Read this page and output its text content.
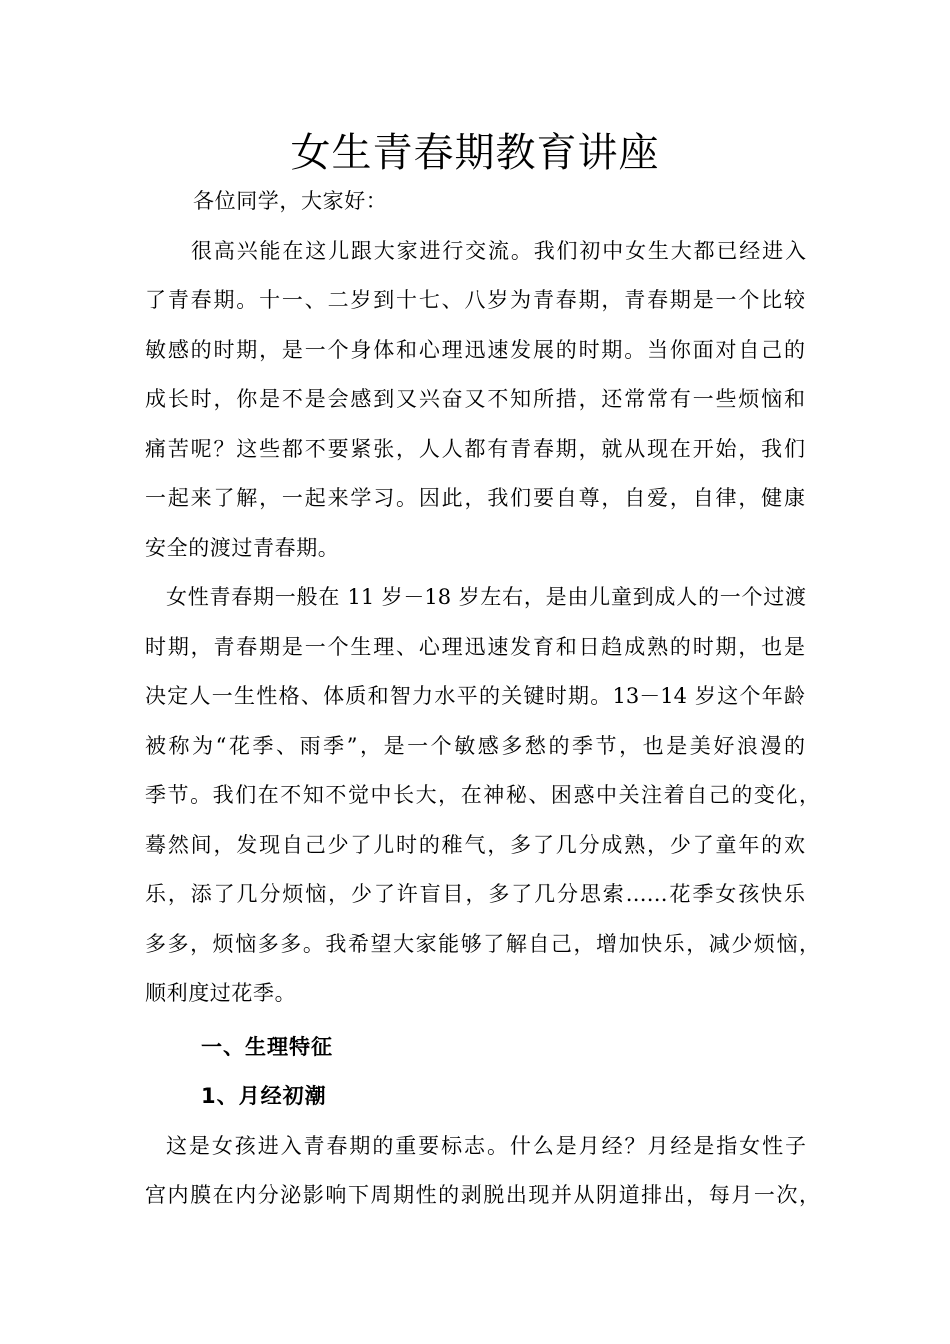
女生青春期教育讲座
各位同学，大家好：
很高兴能在这儿跟大家进行交流。我们初中女生大都已经进入
了青春期。十一、二岁到十七、八岁为青春期，青春期是一个比较
敏感的时期，是一个身体和心理迅速发展的时期。当你面对自己的
成长时，你是不是会感到又兴奋又不知所措，还常常有一些烦恼和
痛苦呢？这些都不要紧张，人人都有青春期，就从现在开始，我们
一起来了解，一起来学习。因此，我们要自尊，自爱，自律，健康
安全的渡过青春期。
女性青春期一般在 11 岁－18 岁左右，是由儿童到成人的一个过渡
时期，青春期是一个生理、心理迅速发育和日趋成熟的时期，也是
决定人一生性格、体质和智力水平的关键时期。13－14 岁这个年龄
被称为“花季、雨季”，是一个敏感多愁的季节，也是美好浪漫的
季节。我们在不知不觉中长大，在神秘、困惑中关注着自己的变化，
蓦然间，发现自己少了儿时的稚气，多了几分成熟，少了童年的欢
乐，添了几分烦恼，少了许盲目，多了几分思索……花季女孩快乐
多多，烦恼多多。我希望大家能够了解自己，增加快乐，减少烦恼，
顺利度过花季。
一、生理特征
1、月经初潮
这是女孩进入青春期的重要标志。什么是月经？月经是指女性子
宫内膜在内分泌影响下周期性的剥脱出现并从阴道排出，每月一次，
